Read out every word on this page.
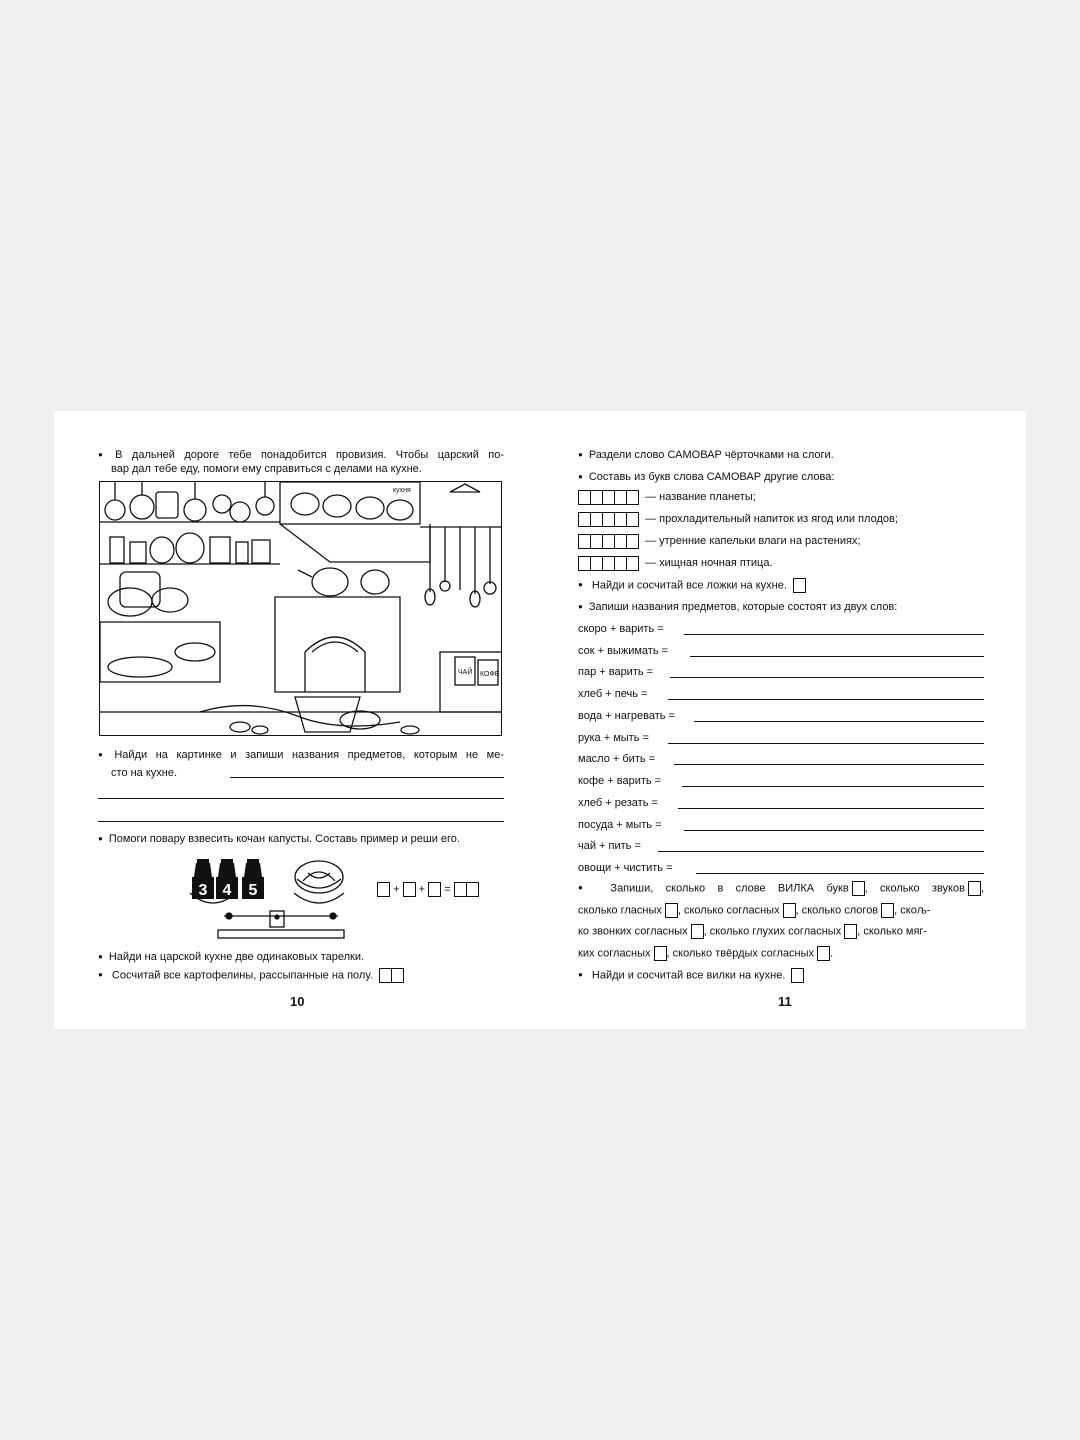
● В дальней дороге тебе понадобится провизия. Чтобы царский по-
вар дал тебе еду, помоги ему справиться с делами на кухне.
кухня
ЧАЙ КОФЕ
● Найди на картинке и запиши названия предметов, которым не ме-
сто на кухне.
● Помоги повару взвесить кочан капусты. Составь пример и реши его.
3 4 5	+ + =
● Найди на царской кухне две одинаковых тарелки.
● Сосчитай все картофелины, рассыпанные на полу.
10
● Раздели слово САМОВАР чёрточками на слоги.
● Составь из букв слова САМОВАР другие слова:
— название планеты;
— прохладительный напиток из ягод или плодов;
— утренние капельки влаги на растениях;
— хищная ночная птица.
● Найди и сосчитай все ложки на кухне.
● Запиши названия предметов, которые состоят из двух слов:
скоро + варить =
сок + выжимать =
пар + варить =
хлеб + печь =
вода + нагревать =
рука + мыть =
масло + бить =
кофе + варить =
хлеб + резать =
посуда + мыть =
чай + пить =
овощи + чистить =
● Запиши, сколько в слове ВИЛКА букв , сколько звуков ,
сколько гласных , сколько согласных , сколько слогов , скољ-
ко звонких согласных , сколько глухих согласных , сколько мяг-
ких согласных , сколько твёрдых согласных .
● Найди и сосчитай все вилки на кухне.
11
